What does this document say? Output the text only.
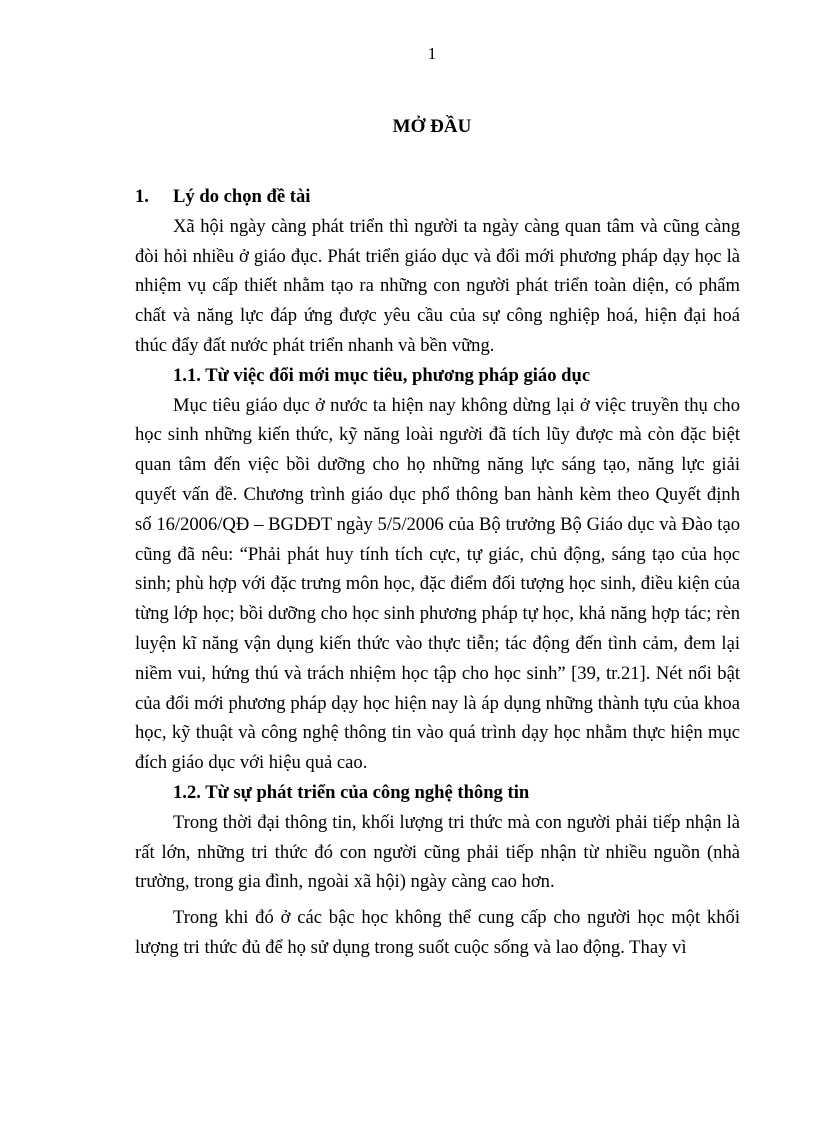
1
MỞ ĐẦU

1. Lý do chọn đề tài

Xã hội ngày càng phát triển thì người ta ngày càng quan tâm và cũng càng đòi hỏi nhiều ở giáo đục. Phát triển giáo dục và đổi mới phương pháp dạy học là nhiệm vụ cấp thiết nhằm tạo ra những con người phát triển toàn diện, có phẩm chất và năng lực đáp ứng được yêu cầu của sự công nghiệp hoá, hiện đại hoá thúc đẩy đất nước phát triển nhanh và bền vững.

1.1. Từ việc đổi mới mục tiêu, phương pháp giáo dục

Mục tiêu giáo dục ở nước ta hiện nay không dừng lại ở việc truyền thụ cho học sinh những kiến thức, kỹ năng loài người đã tích lũy được mà còn đặc biệt quan tâm đến việc bồi dưỡng cho họ những năng lực sáng tạo, năng lực giải quyết vấn đề. Chương trình giáo dục phổ thông ban hành kèm theo Quyết định số 16/2006/QĐ – BGDĐT ngày 5/5/2006 của Bộ trưởng Bộ Giáo dục và Đào tạo cũng đã nêu: “Phải phát huy tính tích cực, tự giác, chủ động, sáng tạo của học sinh; phù hợp với đặc trưng môn học, đặc điểm đối tượng học sinh, điều kiện của từng lớp học; bồi dưỡng cho học sinh phương pháp tự học, khả năng hợp tác; rèn luyện kĩ năng vận dụng kiến thức vào thực tiễn; tác động đến tình cảm, đem lại niềm vui, hứng thú và trách nhiệm học tập cho học sinh” [39, tr.21]. Nét nổi bật của đổi mới phương pháp dạy học hiện nay là áp dụng những thành tựu của khoa học, kỹ thuật và công nghệ thông tin vào quá trình dạy học nhằm thực hiện mục đích giáo dục với hiệu quả cao.

1.2. Từ sự phát triển của công nghệ thông tin

Trong thời đại thông tin, khối lượng tri thức mà con người phải tiếp nhận là rất lớn, những tri thức đó con người cũng phải tiếp nhận từ nhiều nguồn (nhà trường, trong gia đình, ngoài xã hội) ngày càng cao hơn.

Trong khi đó ở các bậc học không thể cung cấp cho người học một khối lượng tri thức đủ để họ sử dụng trong suốt cuộc sống và lao động. Thay vì
